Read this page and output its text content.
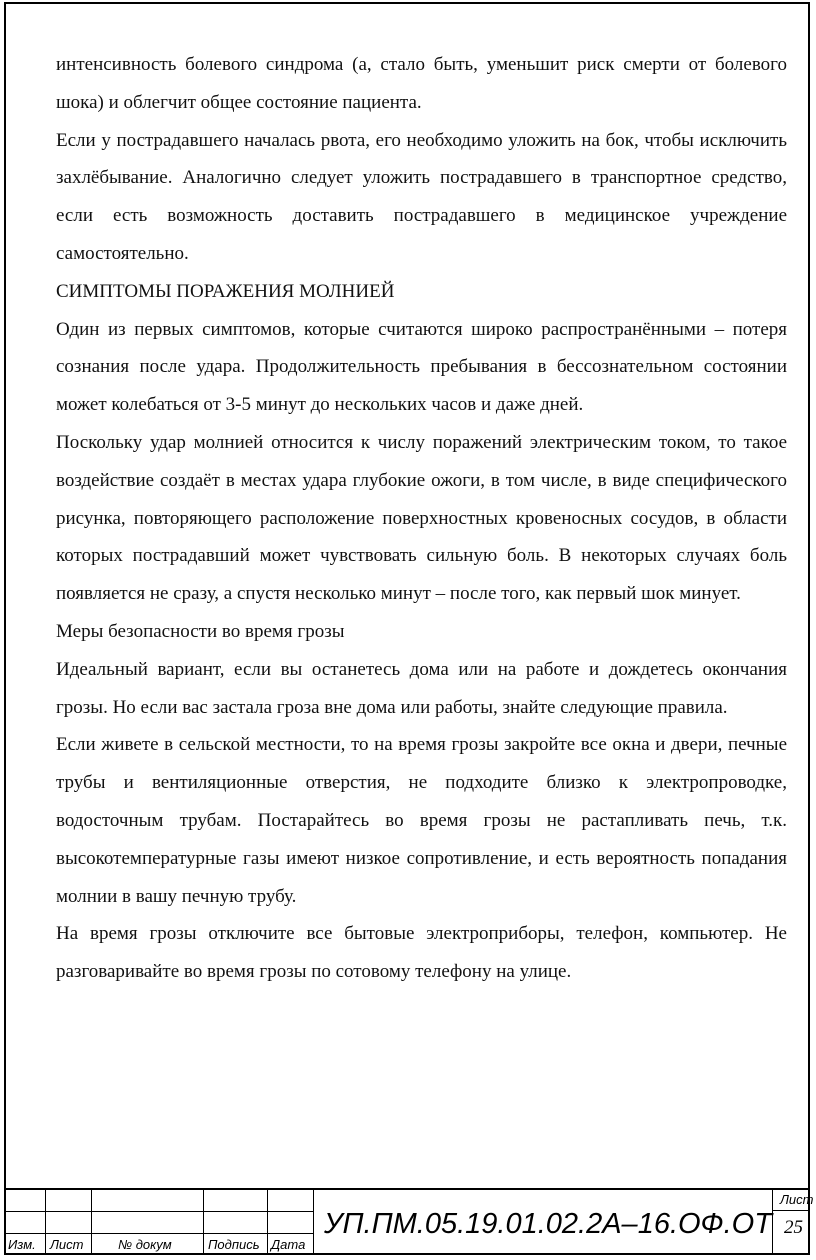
интенсивность болевого синдрома (а, стало быть, уменьшит риск смерти от болевого шока) и облегчит общее состояние пациента.

Если у пострадавшего началась рвота, его необходимо уложить на бок, чтобы исключить захлёбывание. Аналогично следует уложить пострадавшего в транспортное средство, если есть возможность доставить пострадавшего в медицинское учреждение самостоятельно.

СИМПТОМЫ ПОРАЖЕНИЯ МОЛНИЕЙ

Один из первых симптомов, которые считаются широко распространёнными – потеря сознания после удара. Продолжительность пребывания в бессознательном состоянии может колебаться от 3-5 минут до нескольких часов и даже дней.

Поскольку удар молнией относится к числу поражений электрическим током, то такое воздействие создаёт в местах удара глубокие ожоги, в том числе, в виде специфического рисунка, повторяющего расположение поверхностных кровеносных сосудов, в области которых пострадавший может чувствовать сильную боль. В некоторых случаях боль появляется не сразу, а спустя несколько минут – после того, как первый шок минует.

Меры безопасности во время грозы

Идеальный вариант, если вы останетесь дома или на работе и дождетесь окончания грозы. Но если вас застала гроза вне дома или работы, знайте следующие правила.

Если живете в сельской местности, то на время грозы закройте все окна и двери, печные трубы и вентиляционные отверстия, не подходите близко к электропроводке, водосточным трубам. Постарайтесь во время грозы не растапливать печь, т.к. высокотемпературные газы имеют низкое сопротивление, и есть вероятность попадания молнии в вашу печную трубу.

На время грозы отключите все бытовые электроприборы, телефон, компьютер. Не разговаривайте во время грозы по сотовому телефону на улице.

Изм. Лист	№ докум	Подпись Дата
УП.ПМ.05.19.01.02.2А–16.ОФ.ОТ
Лист
25
